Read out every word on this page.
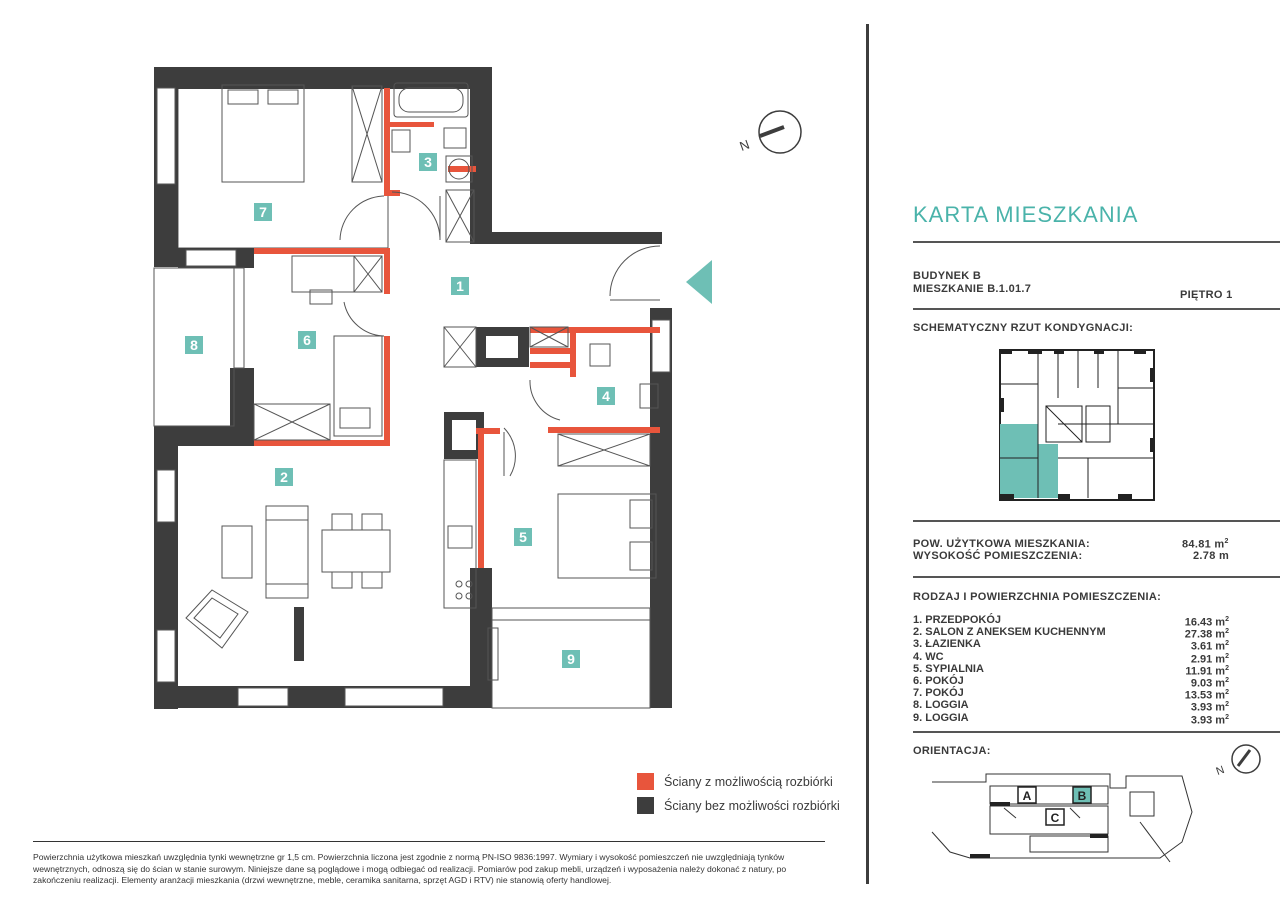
N
1
2
3
4
5
6
7
8
9
Ściany z możliwością rozbiórki
Ściany bez możliwości rozbiórki
Powierzchnia użytkowa mieszkań uwzględnia tynki wewnętrzne gr 1,5 cm. Powierzchnia liczona jest zgodnie z normą PN-ISO 9836:1997. Wymiary i wysokość pomieszczeń nie uwzględniają tynków wewnętrznych, odnoszą się do ścian w stanie surowym. Niniejsze dane są poglądowe i mogą odbiegać od realizacji. Pomiarów pod zakup mebli, urządzeń i wyposażenia należy dokonać z natury, po zakończeniu realizacji. Elementy aranżacji mieszkania (drzwi wewnętrzne, meble, ceramika sanitarna, sprzęt AGD i RTV) nie stanowią oferty handlowej.
KARTA MIESZKANIA
BUDYNEK B
MIESZKANIE B.1.01.7	PIĘTRO 1
SCHEMATYCZNY RZUT KONDYGNACJI:
POW. UŻYTKOWA MIESZKANIA:	84.81 $m^2$
WYSOKOŚĆ POMIESZCZENIA:	2.78 m
RODZAJ I POWIERZCHNIA POMIESZCZENIA:
1. PRZEDPOKÓJ	16.43 $m^2$
2. SALON Z ANEKSEM KUCHENNYM	27.38 $m^2$
3. ŁAZIENKA	3.61 $m^2$
4. WC	2.91 $m^2$
5. SYPIALNIA	11.91 $m^2$
6. POKÓJ	9.03 $m^2$
7. POKÓJ	13.53 $m^2$
8. LOGGIA	3.93 $m^2$
9. LOGGIA	3.93 $m^2$
ORIENTACJA:
N
A	B
C
